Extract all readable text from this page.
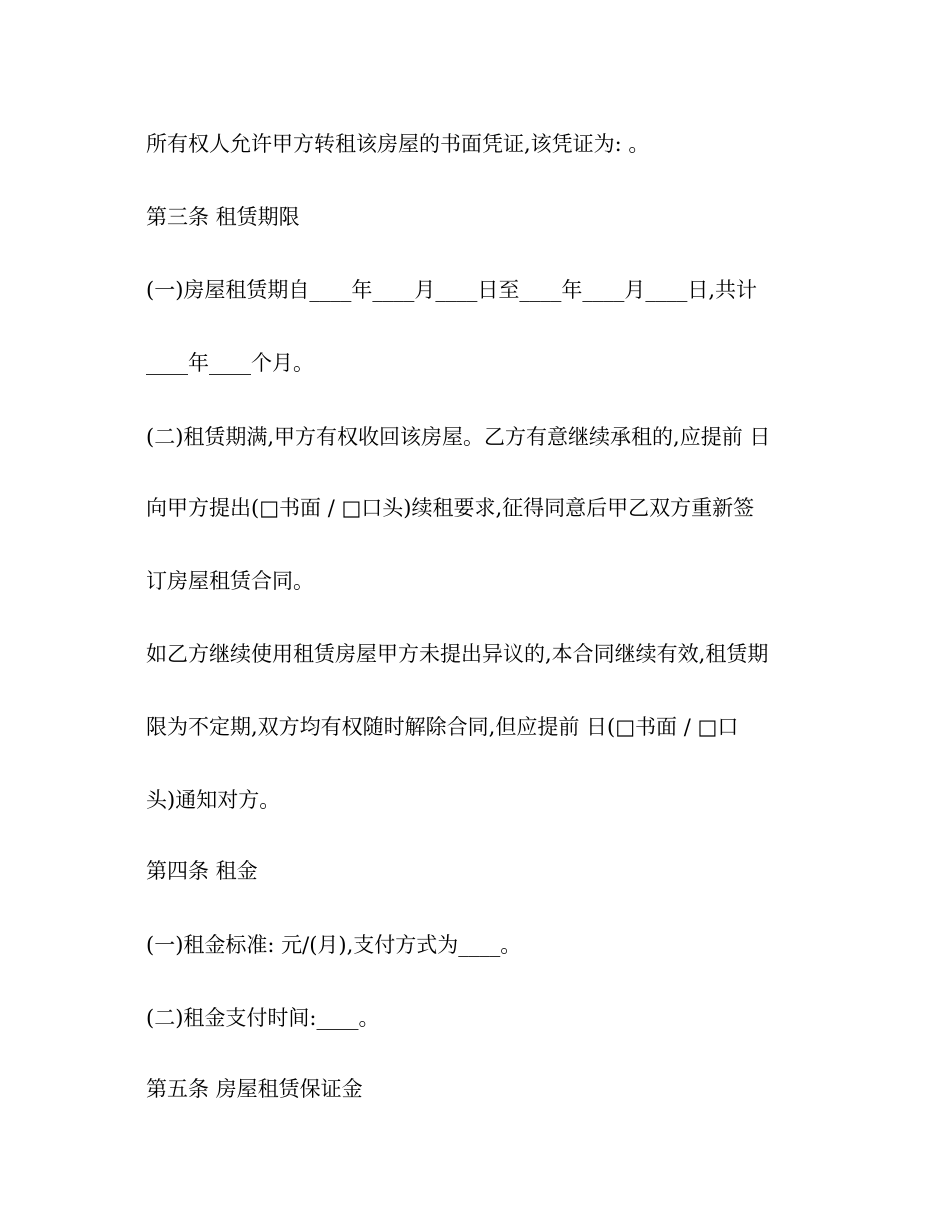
所有权人允许甲方转租该房屋的书面凭证,该凭证为: 。
第三条 租赁期限
(一)房屋租赁期自____年____月____日至____年____月____日,共计
____年____个月。
(二)租赁期满,甲方有权收回该房屋。乙方有意继续承租的,应提前 日
向甲方提出(□书面 / □口头)续租要求,征得同意后甲乙双方重新签
订房屋租赁合同。
如乙方继续使用租赁房屋甲方未提出异议的,本合同继续有效,租赁期
限为不定期,双方均有权随时解除合同,但应提前 日(□书面 / □口
头)通知对方。
第四条 租金
(一)租金标准: 元/(月),支付方式为____。
(二)租金支付时间:____。
第五条 房屋租赁保证金
